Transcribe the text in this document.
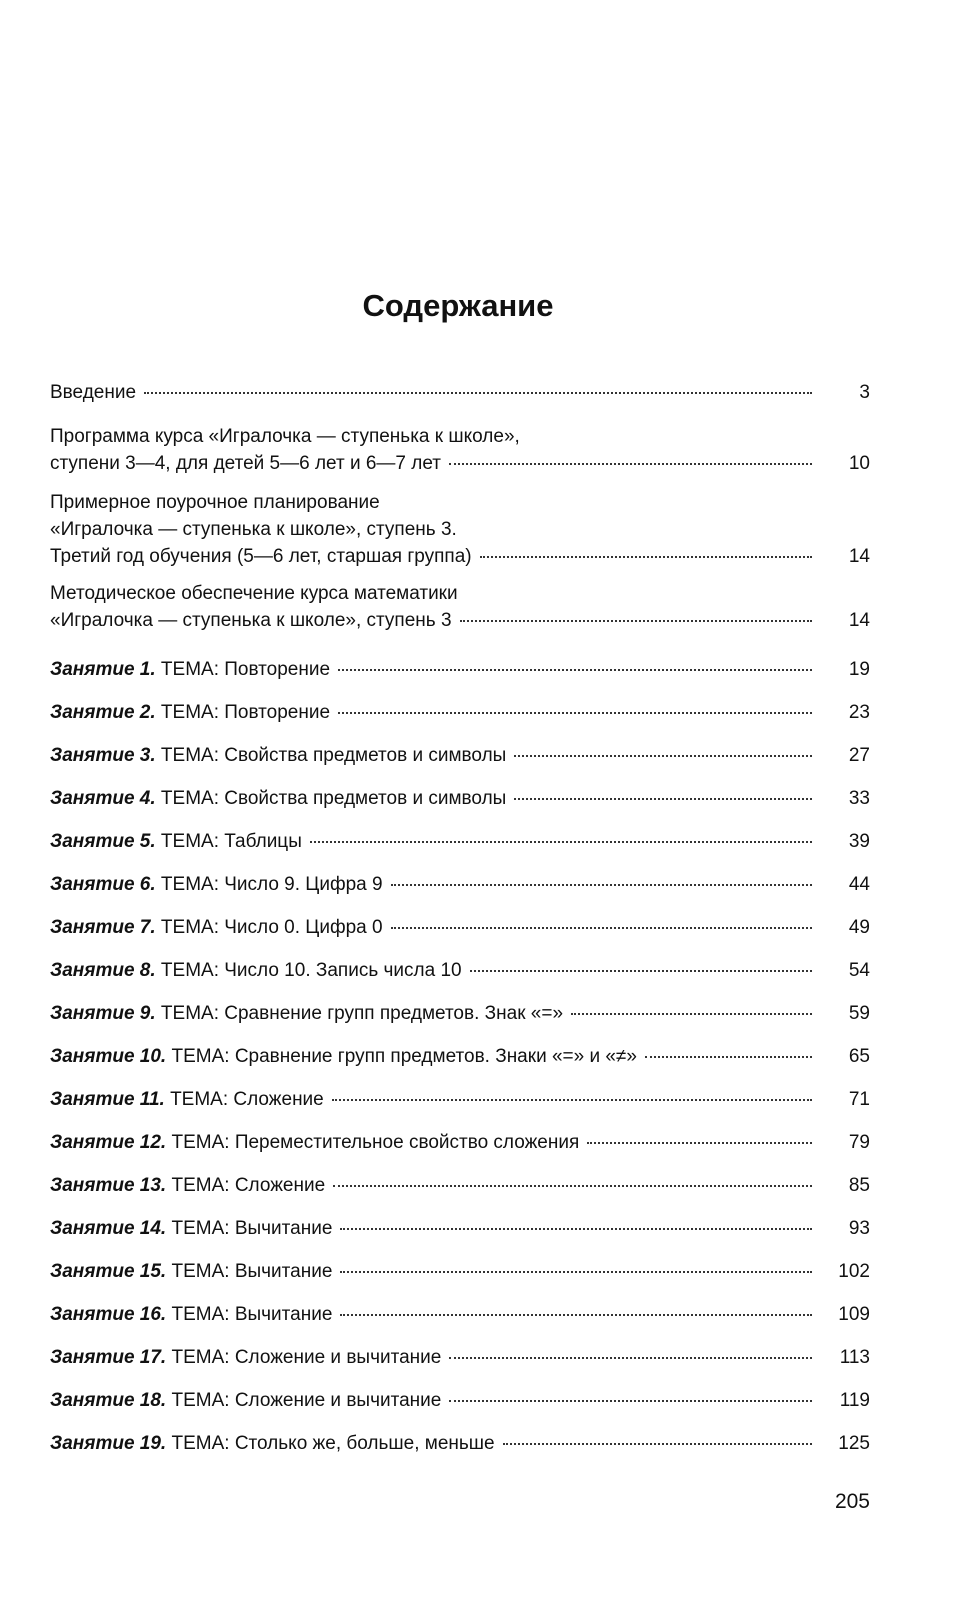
Содержание
Введение	3
Программа курса «Игралочка — ступенька к школе»,
ступени 3—4, для детей 5—6 лет и 6—7 лет	10
Примерное поурочное планирование
«Игралочка — ступенька к школе», ступень 3.
Третий год обучения (5—6 лет, старшая группа)	14
Методическое обеспечение курса математики
«Игралочка — ступенька к школе», ступень 3	14
Занятие 1. ТЕМА: Повторение	19
Занятие 2. ТЕМА: Повторение	23
Занятие 3. ТЕМА: Свойства предметов и символы	27
Занятие 4. ТЕМА: Свойства предметов и символы	33
Занятие 5. ТЕМА: Таблицы	39
Занятие 6. ТЕМА: Число 9. Цифра 9	44
Занятие 7. ТЕМА: Число 0. Цифра 0	49
Занятие 8. ТЕМА: Число 10. Запись числа 10	54
Занятие 9. ТЕМА: Сравнение групп предметов. Знак «=»	59
Занятие 10. ТЕМА: Сравнение групп предметов. Знаки «=» и «≠»	65
Занятие 11. ТЕМА: Сложение	71
Занятие 12. ТЕМА: Переместительное свойство сложения	79
Занятие 13. ТЕМА: Сложение	85
Занятие 14. ТЕМА: Вычитание	93
Занятие 15. ТЕМА: Вычитание	102
Занятие 16. ТЕМА: Вычитание	109
Занятие 17. ТЕМА: Сложение и вычитание	113
Занятие 18. ТЕМА: Сложение и вычитание	119
Занятие 19. ТЕМА: Столько же, больше, меньше	125
205
